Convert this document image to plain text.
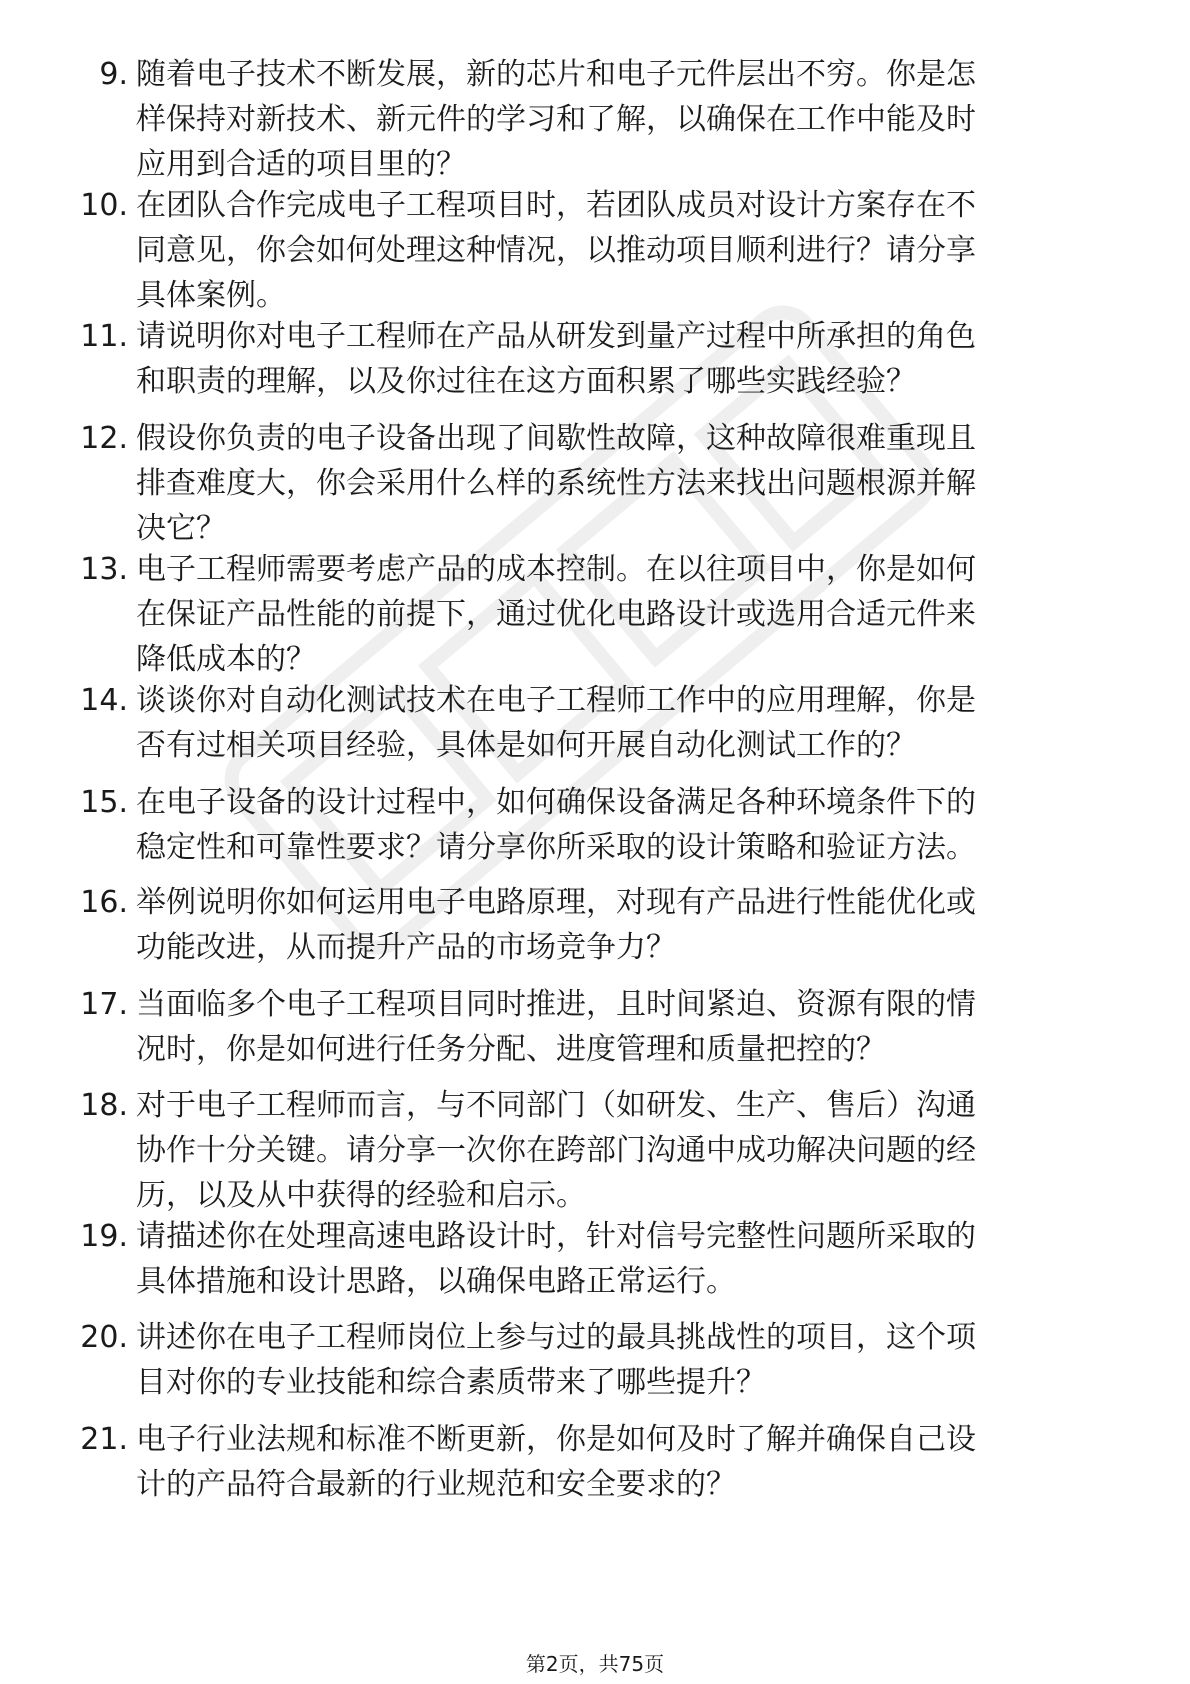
9. 随着电子技术不断发展，新的芯片和电子元件层出不穷。你是怎
样保持对新技术、新元件的学习和了解，以确保在工作中能及时
应用到合适的项目里的？
10. 在团队合作完成电子工程项目时，若团队成员对设计方案存在不
同意见，你会如何处理这种情况，以推动项目顺利进行？请分享
具体案例。
11. 请说明你对电子工程师在产品从研发到量产过程中所承担的角色
和职责的理解，以及你过往在这方面积累了哪些实践经验？
12. 假设你负责的电子设备出现了间歇性故障，这种故障很难重现且
排查难度大，你会采用什么样的系统性方法来找出问题根源并解
决它？
13. 电子工程师需要考虑产品的成本控制。在以往项目中，你是如何
在保证产品性能的前提下，通过优化电路设计或选用合适元件来
降低成本的？
14. 谈谈你对自动化测试技术在电子工程师工作中的应用理解，你是
否有过相关项目经验，具体是如何开展自动化测试工作的？
15. 在电子设备的设计过程中，如何确保设备满足各种环境条件下的
稳定性和可靠性要求？请分享你所采取的设计策略和验证方法。
16. 举例说明你如何运用电子电路原理，对现有产品进行性能优化或
功能改进，从而提升产品的市场竞争力？
17. 当面临多个电子工程项目同时推进，且时间紧迫、资源有限的情
况时，你是如何进行任务分配、进度管理和质量把控的？
18. 对于电子工程师而言，与不同部门（如研发、生产、售后）沟通
协作十分关键。请分享一次你在跨部门沟通中成功解决问题的经
历，以及从中获得的经验和启示。
19. 请描述你在处理高速电路设计时，针对信号完整性问题所采取的
具体措施和设计思路，以确保电路正常运行。
20. 讲述你在电子工程师岗位上参与过的最具挑战性的项目，这个项
目对你的专业技能和综合素质带来了哪些提升？
21. 电子行业法规和标准不断更新，你是如何及时了解并确保自己设
计的产品符合最新的行业规范和安全要求的？
第2页，共75页
